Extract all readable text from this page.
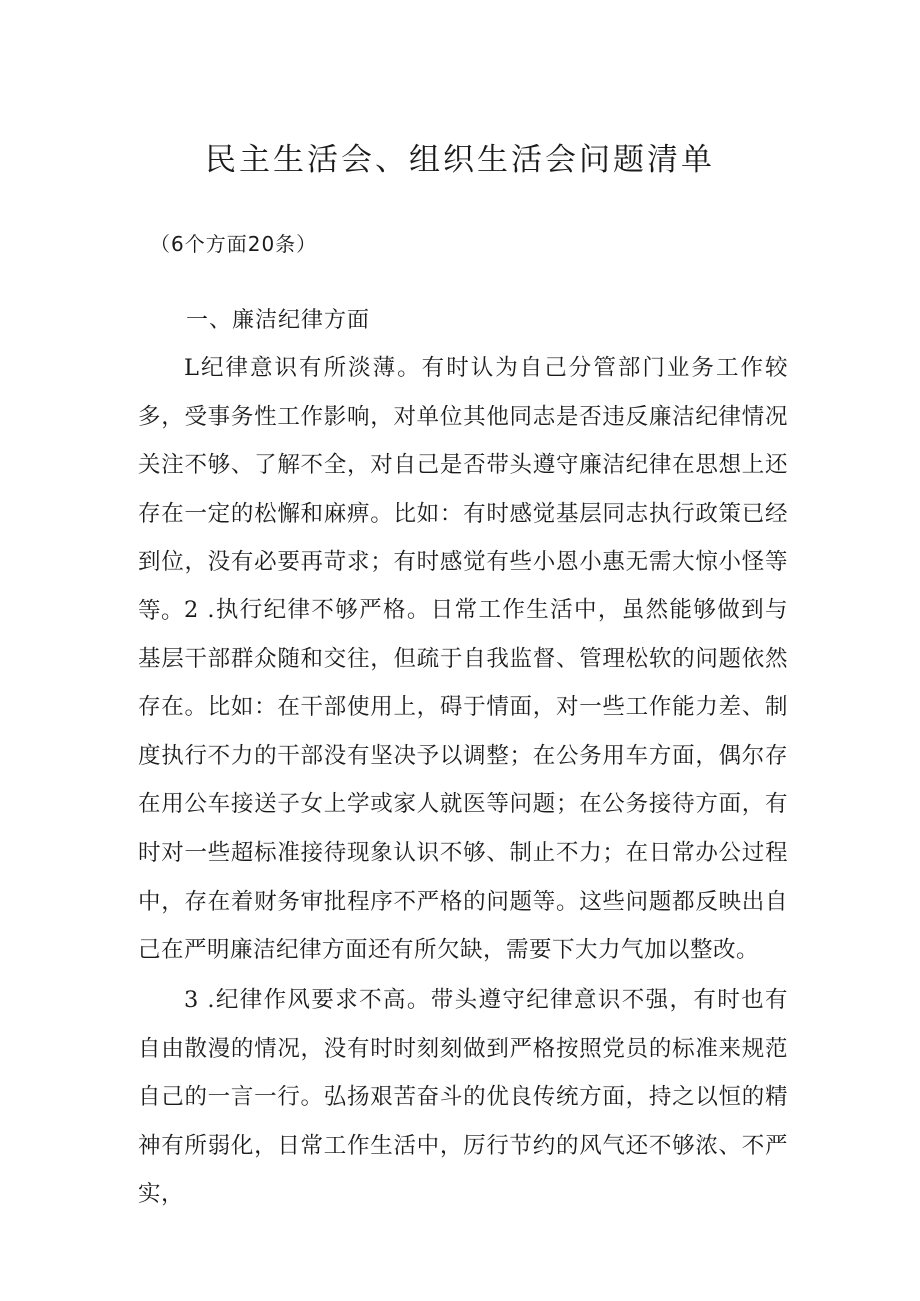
民主生活会、组织生活会问题清单
（6个方面20条）
一、廉洁纪律方面

L纪律意识有所淡薄。有时认为自己分管部门业务工作较多，受事务性工作影响，对单位其他同志是否违反廉洁纪律情况关注不够、了解不全，对自己是否带头遵守廉洁纪律在思想上还存在一定的松懈和麻痹。比如：有时感觉基层同志执行政策已经到位，没有必要再苛求；有时感觉有些小恩小惠无需大惊小怪等等。 2 .执行纪律不够严格。日常工作生活中，虽然能够做到与基层干部群众随和交往，但疏于自我监督、管理松软的问题依然存在。比如：在干部使用上，碍于情面，对一些工作能力差、制度执行不力的干部没有坚决予以调整；在公务用车方面，偶尔存在用公车接送子女上学或家人就医等问题；在公务接待方面，有时对一些超标准接待现象认识不够、制止不力；在日常办公过程中，存在着财务审批程序不严格的问题等。这些问题都反映出自己在严明廉洁纪律方面还有所欠缺，需要下大力气加以整改。

3 .纪律作风要求不高。带头遵守纪律意识不强，有时也有自由散漫的情况，没有时时刻刻做到严格按照党员的标准来规范自己的一言一行。弘扬艰苦奋斗的优良传统方面，持之以恒的精神有所弱化，日常工作生活中，厉行节约的风气还不够浓、不严实，
